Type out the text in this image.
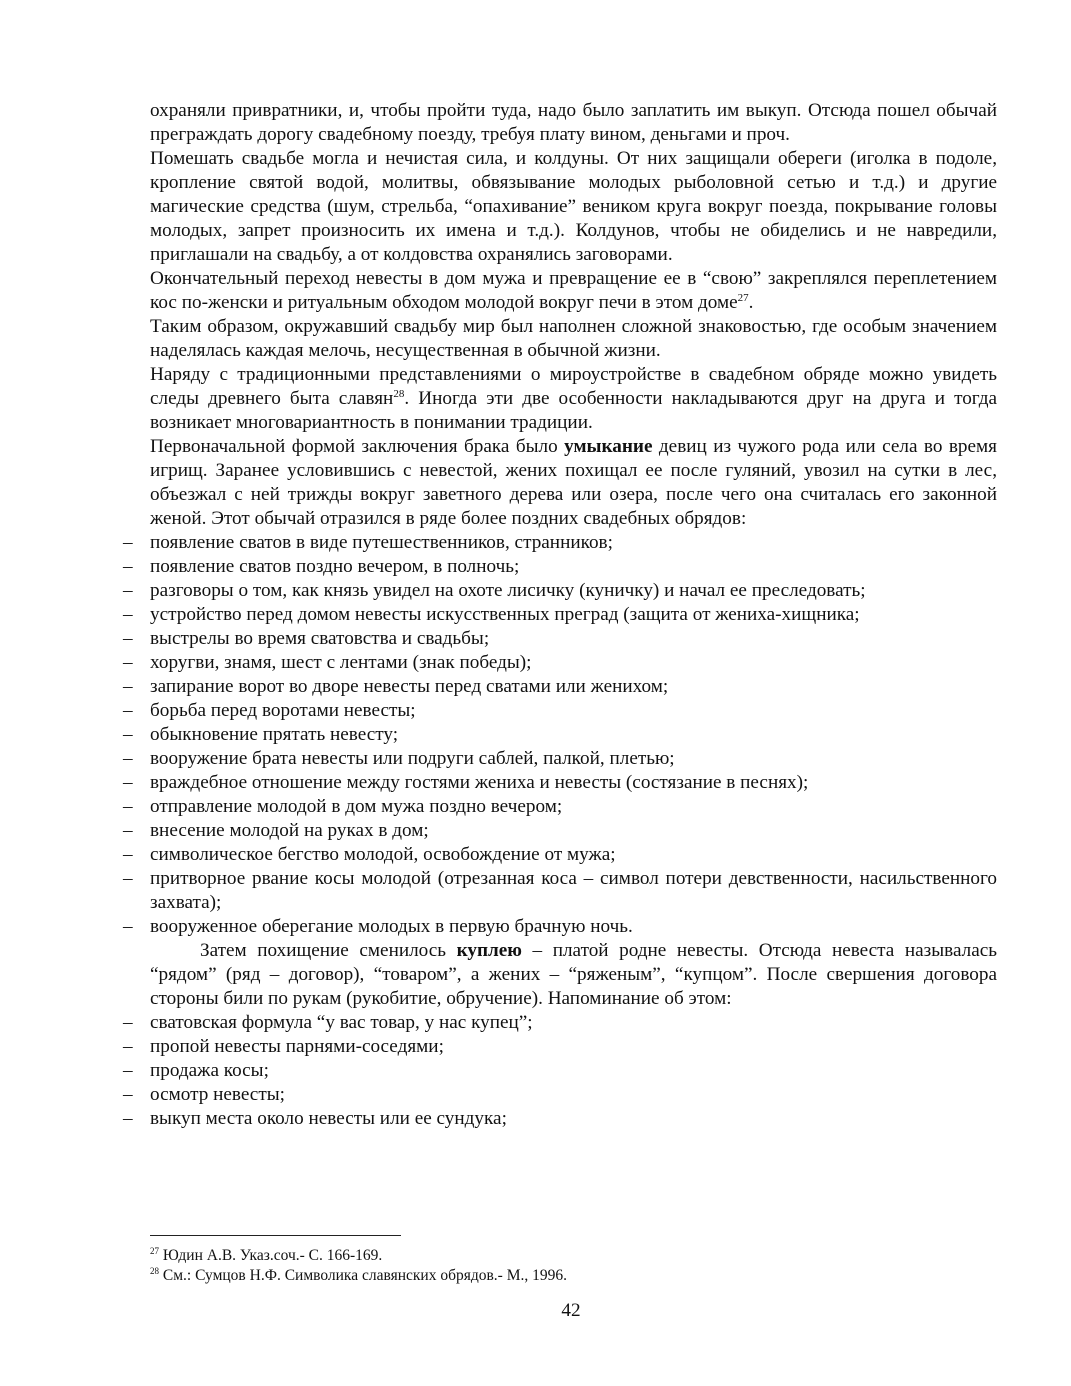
охраняли привратники, и, чтобы пройти туда, надо было заплатить им выкуп. Отсюда пошел обычай преграждать дорогу свадебному поезду, требуя плату вином, деньгами и проч.

Помешать свадьбе могла и нечистая сила, и колдуны. От них защищали обереги (иголка в подоле, кропление святой водой, молитвы, обвязывание молодых рыболовной сетью и т.д.) и другие магические средства (шум, стрельба, “опахивание” веником круга вокруг поезда, покрывание головы молодых, запрет произносить их имена и т.д.). Колдунов, чтобы не обиделись и не навредили, приглашали на свадьбу, а от колдовства охранялись заговорами.

Окончательный переход невесты в дом мужа и превращение ее в “свою” закреплялся переплетением кос по-женски и ритуальным обходом молодой вокруг печи в этом доме$^{27}$.

Таким образом, окружавший свадьбу мир был наполнен сложной знаковостью, где особым значением наделялась каждая мелочь, несущественная в обычной жизни.

Наряду с традиционными представлениями о мироустройстве в свадебном обряде можно увидеть следы древнего быта славян$^{28}$. Иногда эти две особенности накладываются друг на друга и тогда возникает многовариантность в понимании традиции.

Первоначальной формой заключения брака было умыкание девиц из чужого рода или села во время игрищ. Заранее условившись с невестой, жених похищал ее после гуляний, увозил на сутки в лес, объезжал с ней трижды вокруг заветного дерева или озера, после чего она считалась его законной женой. Этот обычай отразился в ряде более поздних свадебных обрядов:

– появление сватов в виде путешественников, странников;
– появление сватов поздно вечером, в полночь;
– разговоры о том, как князь увидел на охоте лисичку (куничку) и начал ее преследовать;
– устройство перед домом невесты искусственных преград (защита от жениха-хищника;
– выстрелы во время сватовства и свадьбы;
– хоругви, знамя, шест с лентами (знак победы);
– запирание ворот во дворе невесты перед сватами или женихом;
– борьба перед воротами невесты;
– обыкновение прятать невесту;
– вооружение брата невесты или подруги саблей, палкой, плетью;
– враждебное отношение между гостями жениха и невесты (состязание в песнях);
– отправление молодой в дом мужа поздно вечером;
– внесение молодой на руках в дом;
– символическое бегство молодой, освобождение от мужа;
– притворное рвание косы молодой (отрезанная коса – символ потери девственности, насильственного захвата);
– вооруженное оберегание молодых в первую брачную ночь.

Затем похищение сменилось куплею – платой родне невесты. Отсюда невеста называлась “рядом” (ряд – договор), “товаром”, а жених – “ряженым”, “купцом”. После свершения договора стороны били по рукам (рукобитие, обручение). Напоминание об этом:

– сватовская формула “у вас товар, у нас купец”;
– пропой невесты парнями-соседями;
– продажа косы;
– осмотр невесты;
– выкуп места около невесты или ее сундука;

$^{27}$ Юдин А.В. Указ.соч.- С. 166-169.

$^{28}$ См.: Сумцов Н.Ф. Символика славянских обрядов.- М., 1996.

42
